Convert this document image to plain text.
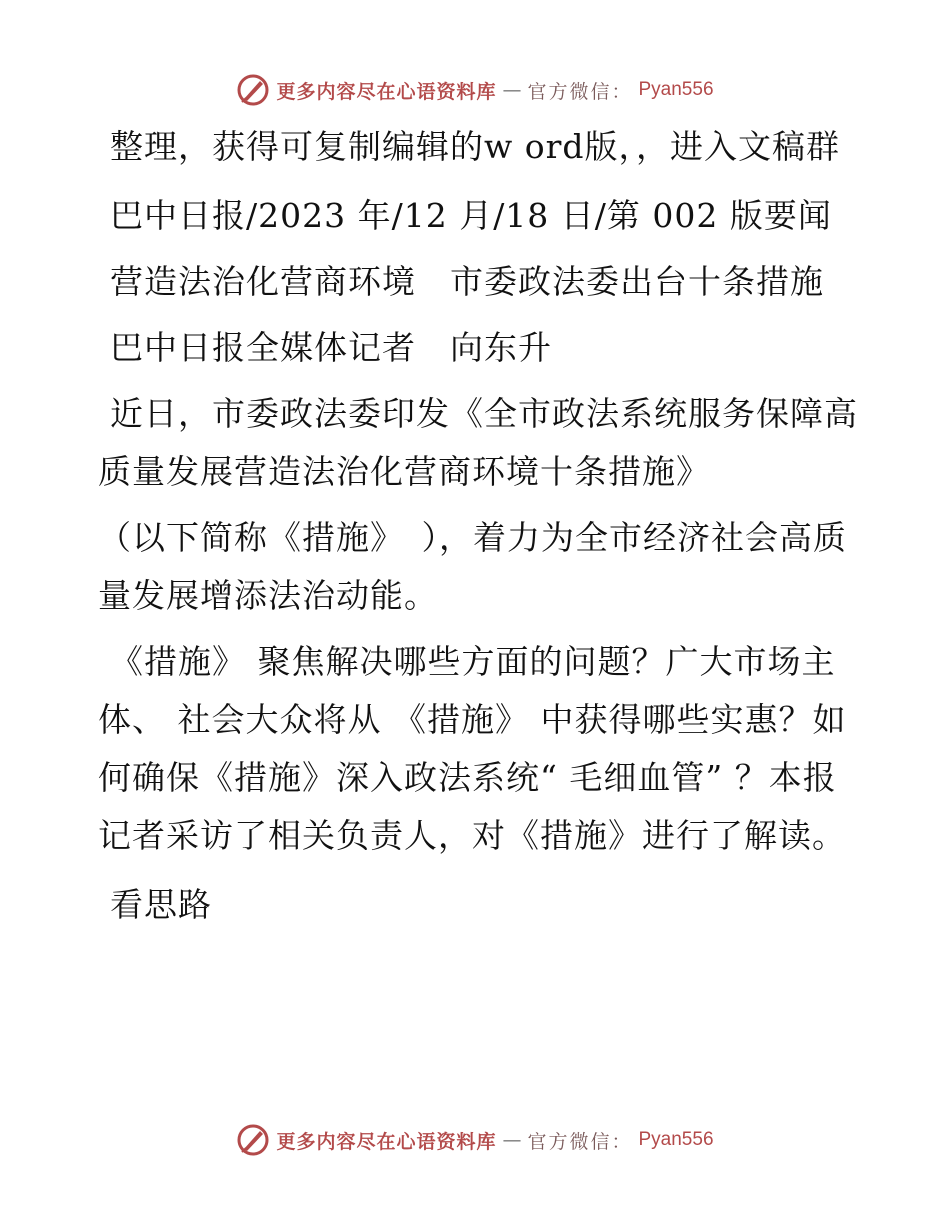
更多内容尽在心语资料库 — 官方微信： Pyan556

整理，获得可复制编辑的w ord版，，进入文稿群

巴中日报/2023 年/12 月/18 日/第 002 版要闻

营造法治化营商环境　市委政法委出台十条措施

巴中日报全媒体记者　向东升

近日，市委政法委印发《全市政法系统服务保障高质量发展营造法治化营商环境十条措施》

（以下简称《措施》　），着力为全市经济社会高质量发展增添法治动能。

《措施》 聚焦解决哪些方面的问题？广大市场主体、 社会大众将从 《措施》 中获得哪些实惠？如何确保《措施》深入政法系统“ 毛细血管” ？本报记者采访了相关负责人，对《措施》进行了解读。

看思路

更多内容尽在心语资料库 — 官方微信： Pyan556
